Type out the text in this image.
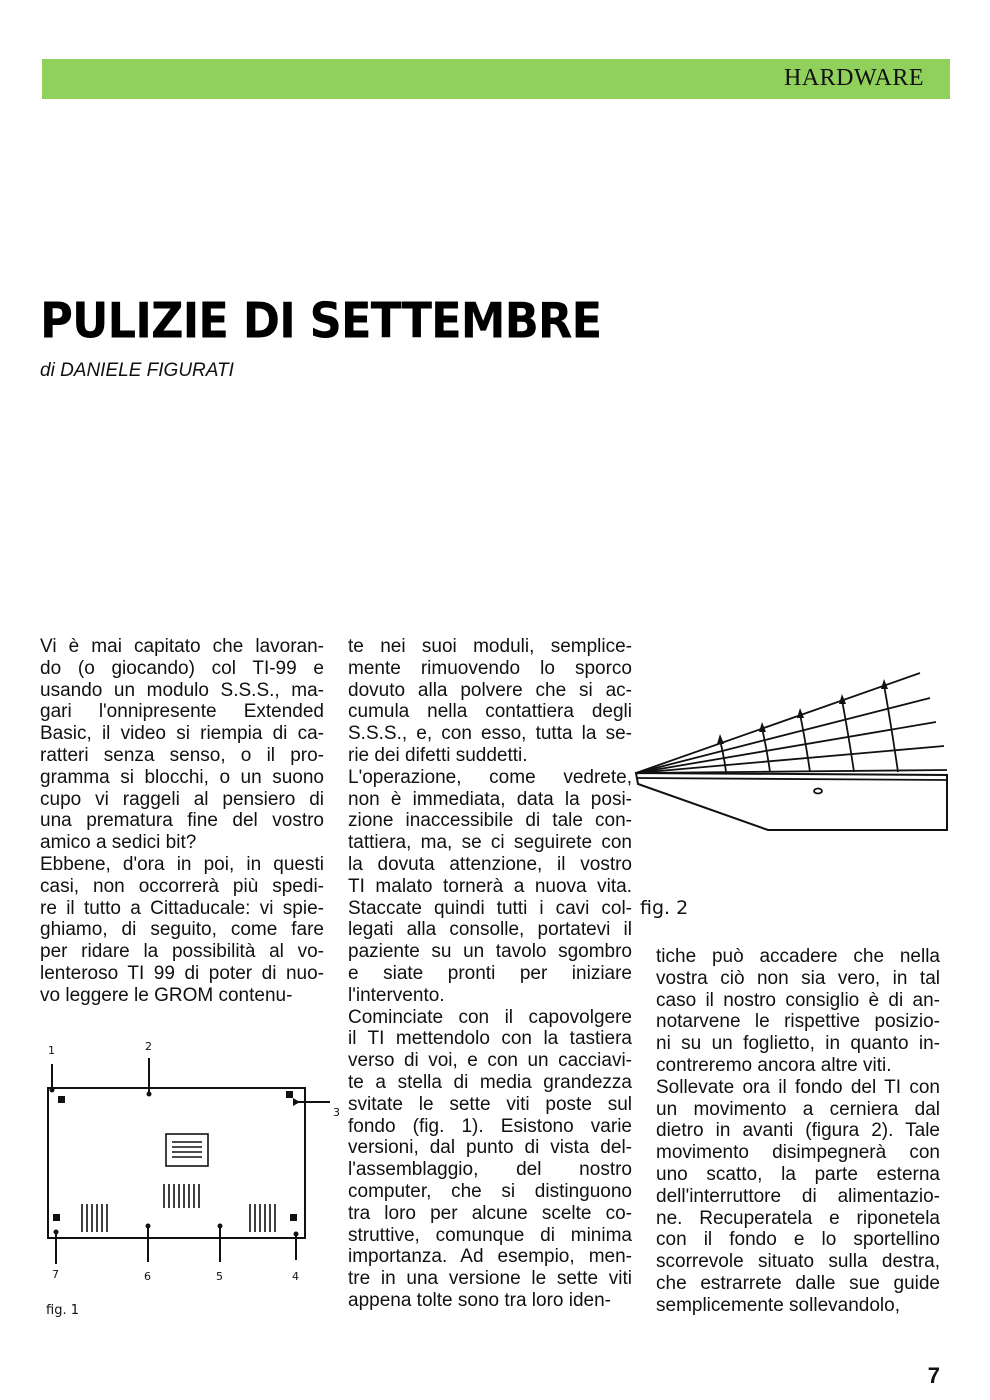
HARDWARE
PULIZIE DI SETTEMBRE
di DANIELE FIGURATI

Vi è mai capitato che lavoran-

do (o giocando) col TI-99 e

usando un modulo S.S.S., ma-

gari l'onnipresente Extended

Basic, il video si riempia di ca-

ratteri senza senso, o il pro-

gramma si blocchi, o un suono

cupo vi raggeli al pensiero di

una prematura fine del vostro

amico a sedici bit?

Ebbene, d'ora in poi, in questi

casi, non occorrerà più spedi-

re il tutto a Cittaducale: vi spie-

ghiamo, di seguito, come fare

per ridare la possibilità al vo-

lenteroso TI 99 di poter di nuo-

vo leggere le GROM contenu-

te nei suoi moduli, semplice-

mente rimuovendo lo sporco

dovuto alla polvere che si ac-

cumula nella contattiera degli

S.S.S., e, con esso, tutta la se-

rie dei difetti suddetti.

L'operazione, come vedrete,

non è immediata, data la posi-

zione inaccessibile di tale con-

tattiera, ma, se ci seguirete con

la dovuta attenzione, il vostro

TI malato tornerà a nuova vita.

Staccate quindi tutti i cavi col-

legati alla consolle, portatevi il

paziente su un tavolo sgombro

e siate pronti per iniziare

l'intervento.

Cominciate con il capovolgere

il TI mettendolo con la tastiera

verso di voi, e con un cacciavi-

te a stella di media grandezza

svitate le sette viti poste sul

fondo (fig. 1). Esistono varie

versioni, dal punto di vista del-

l'assemblaggio, del nostro

computer, che si distinguono

tra loro per alcune scelte co-

struttive, comunque di minima

importanza. Ad esempio, men-

tre in una versione le sette viti

appena tolte sono tra loro iden-

tiche può accadere che nella

vostra ciò non sia vero, in tal

caso il nostro consiglio è di an-

notarvene le rispettive posizio-

ni su un foglietto, in quanto in-

contreremo ancora altre viti.

Sollevate ora il fondo del TI con

un movimento a cerniera dal

dietro in avanti (figura 2). Tale

movimento disimpegnerà con

uno scatto, la parte esterna

dell'interruttore di alimentazio-

ne. Recuperatela e riponetela

con il fondo e lo sportellino

scorrevole situato sulla destra,

che estrarrete dalle sue guide

semplicemente sollevandolo,

1	2
3
4
5
6
7
fig. 1
fig. 2
7
